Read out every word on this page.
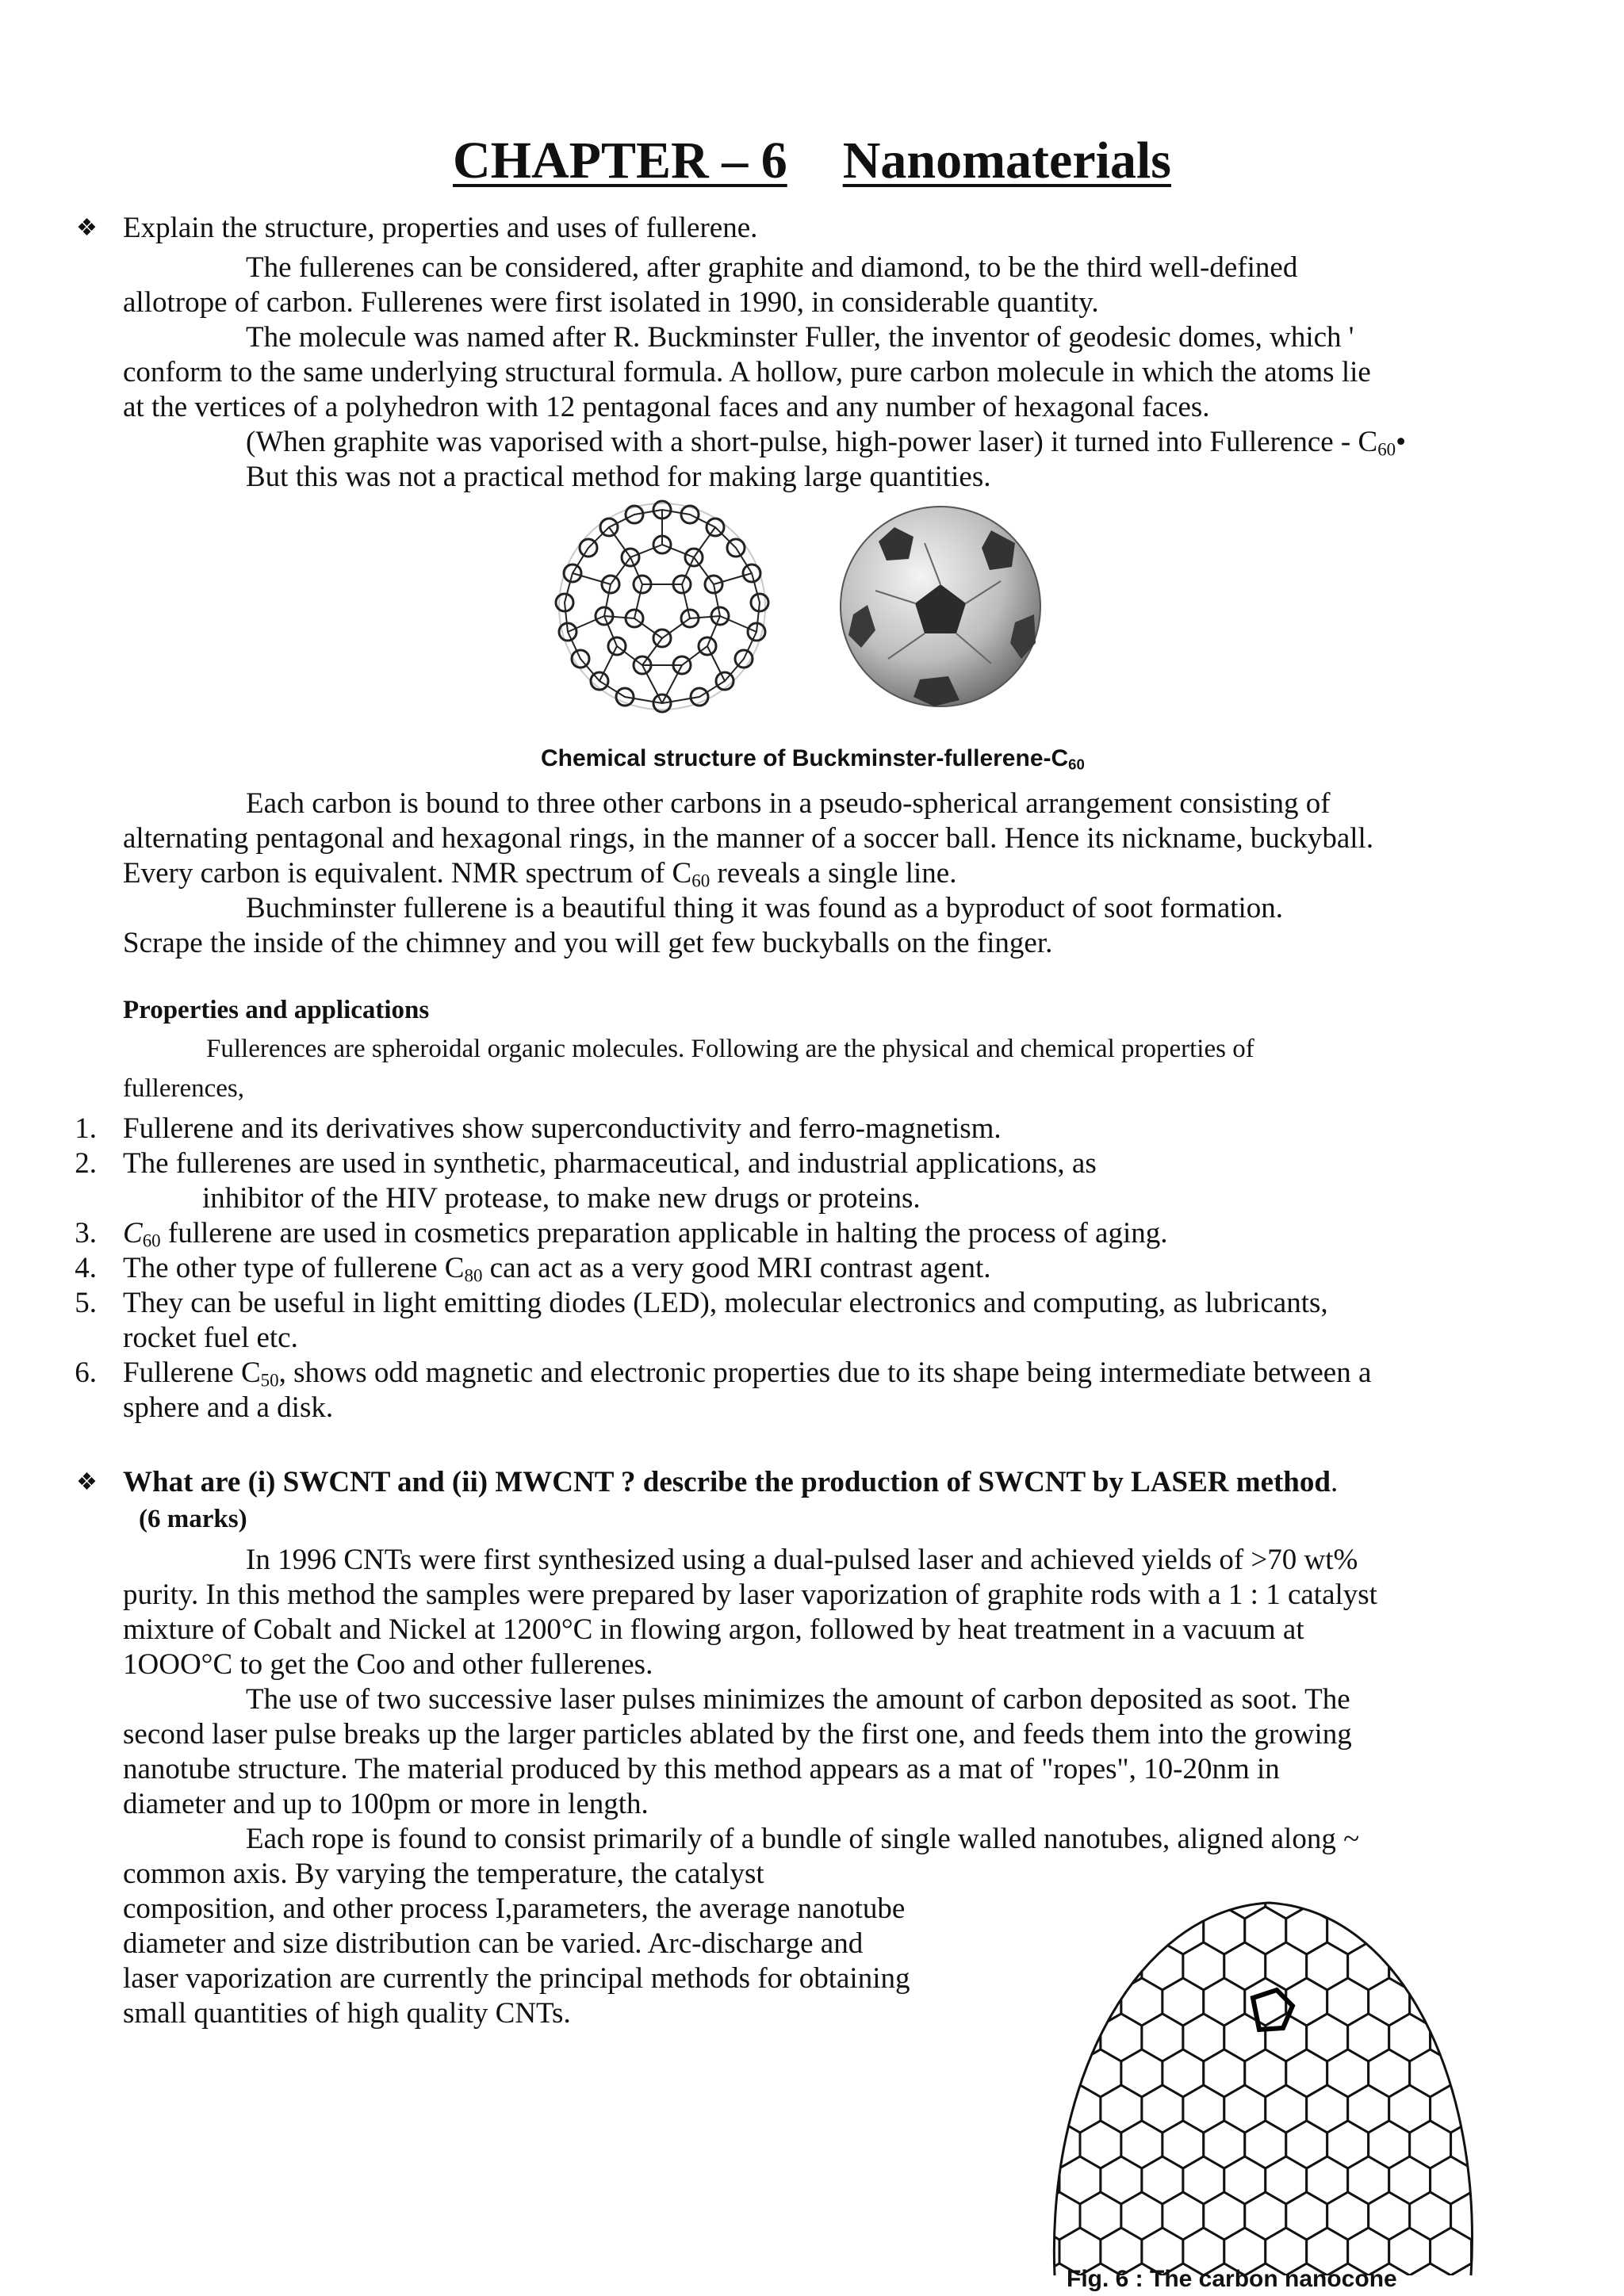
CHAPTER – 6 Nanomaterials
❖ Explain the structure, properties and uses of fullerene.
The fullerenes can be considered, after graphite and diamond, to be the third well-defined
allotrope of carbon. Fullerenes were first isolated in 1990, in considerable quantity.
The molecule was named after R. Buckminster Fuller, the inventor of geodesic domes, which '
conform to the same underlying structural formula. A hollow, pure carbon molecule in which the atoms lie
at the vertices of a polyhedron with 12 pentagonal faces and any number of hexagonal faces.
(When graphite was vaporised with a short-pulse, high-power laser) it turned into Fullerence - $C_{60}•$
But this was not a practical method for making large quantities.
Chemical structure of Buckminster-$fullerene-C_{60}$
Each carbon is bound to three other carbons in a pseudo-spherical arrangement consisting of
alternating pentagonal and hexagonal rings, in the manner of a soccer ball. Hence its nickname, buckyball.
Every carbon is equivalent. NMR spectrum of $C_{60}$ reveals a single line.
Buchminster fullerene is a beautiful thing it was found as a byproduct of soot formation.
Scrape the inside of the chimney and you will get few buckyballs on the finger.
Properties and applications
Fullerences are spheroidal organic molecules. Following are the physical and chemical properties of
fullerences,
1. Fullerene and its derivatives show superconductivity and ferro-magnetism.
2. The fullerenes are used in synthetic, pharmaceutical, and industrial applications, as
inhibitor of the HIV protease, to make new drugs or proteins.
3. $C_{60}$ fullerene are used in cosmetics preparation applicable in halting the process of aging.
4. The other type of fullerene $C_{80}$ can act as a very good MRI contrast agent.
5. They can be useful in light emitting diodes (LED), molecular electronics and computing, as lubricants,
rocket fuel etc.
6. Fullerene $C_{50}$, shows odd magnetic and electronic properties due to its shape being intermediate between a
sphere and a disk.
❖ What are (i) SWCNT and (ii) MWCNT ? describe the production of SWCNT by LASER method.
(6 marks)
In 1996 CNTs were first synthesized using a dual-pulsed laser and achieved yields of >70 wt%
purity. In this method the samples were prepared by laser vaporization of graphite rods with a 1 : 1 catalyst
mixture of Cobalt and Nickel at 1200°C in flowing argon, followed by heat treatment in a vacuum at
1OOO°C to get the Coo and other fullerenes.
The use of two successive laser pulses minimizes the amount of carbon deposited as soot. The
second laser pulse breaks up the larger particles ablated by the first one, and feeds them into the growing
nanotube structure. The material produced by this method appears as a mat of "ropes", 10-20nm in
diameter and up to 100pm or more in length.
Each rope is found to consist primarily of a bundle of single walled nanotubes, aligned along ~
common axis. By varying the temperature, the catalyst
composition, and other process I,parameters, the average nanotube
diameter and size distribution can be varied. Arc-discharge and
laser vaporization are currently the principal methods for obtaining
small quantities of high quality CNTs.
Fig. 6 : The carbon nanocone
